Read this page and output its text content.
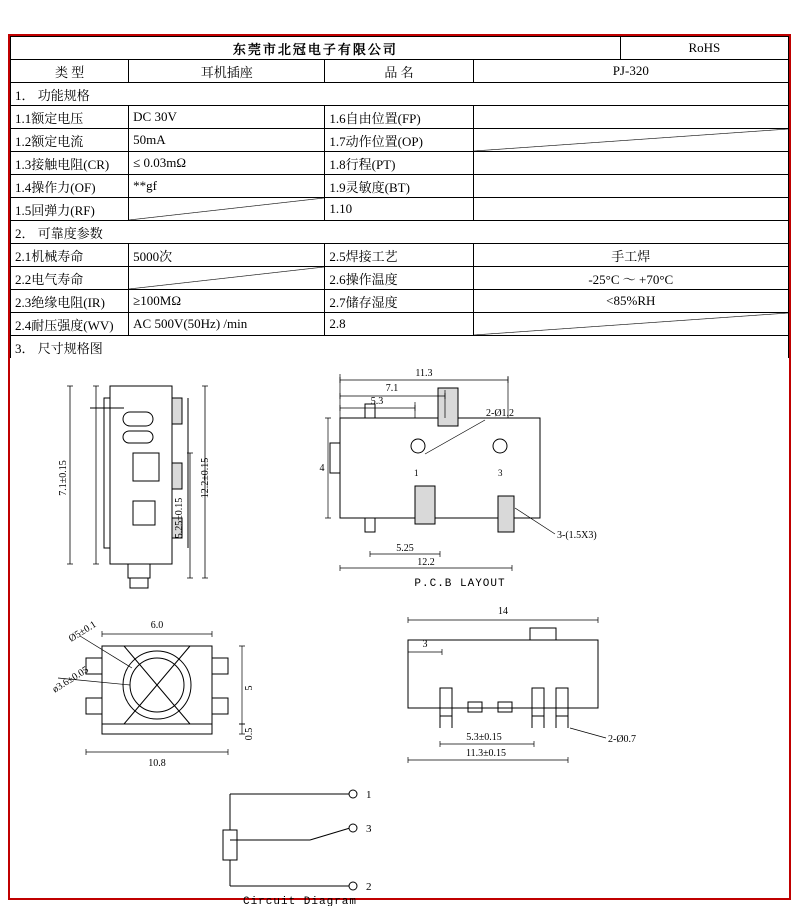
东莞市北冠电子有限公司				RoHS
类 型	耳机插座	品 名	PJ-320	
1． 功能规格				
1.1额定电压	DC 30V	1.6自由位置(FP)		
1.2额定电流	50mA	1.7动作位置(OP)		
1.3接触电阻(CR)	≤ 0.03mΩ	1.8行程(PT)		
1.4操作力(OF)	**gf	1.9灵敏度(BT)		
1.5回弹力(RF)		1.10		
2． 可靠度参数				
2.1机械寿命	5000次	2.5焊接工艺	手工焊	
2.2电气寿命		2.6操作温度	-25°C ～ +70°C	
2.3绝缘电阻(IR)	≥100MΩ	2.7储存湿度	<85%RH	
2.4耐压强度(WV)	AC 500V(50Hz) /min	2.8		
3． 尺寸规格图				
7.1±0.15	12.2±0.15
5.25±0.15
11.3
7.1
5.3
4	1	3
2-Ø1.2
5.25
12.2
3-(1.5X3)
P.C.B LAYOUT
6.0
Ø5±0.1
ø3.6±0.05
10.8
5
0.5
14
3
5.3±0.15
11.3±0.15
2-Ø0.7
1
3
2
Circuit Diagram
